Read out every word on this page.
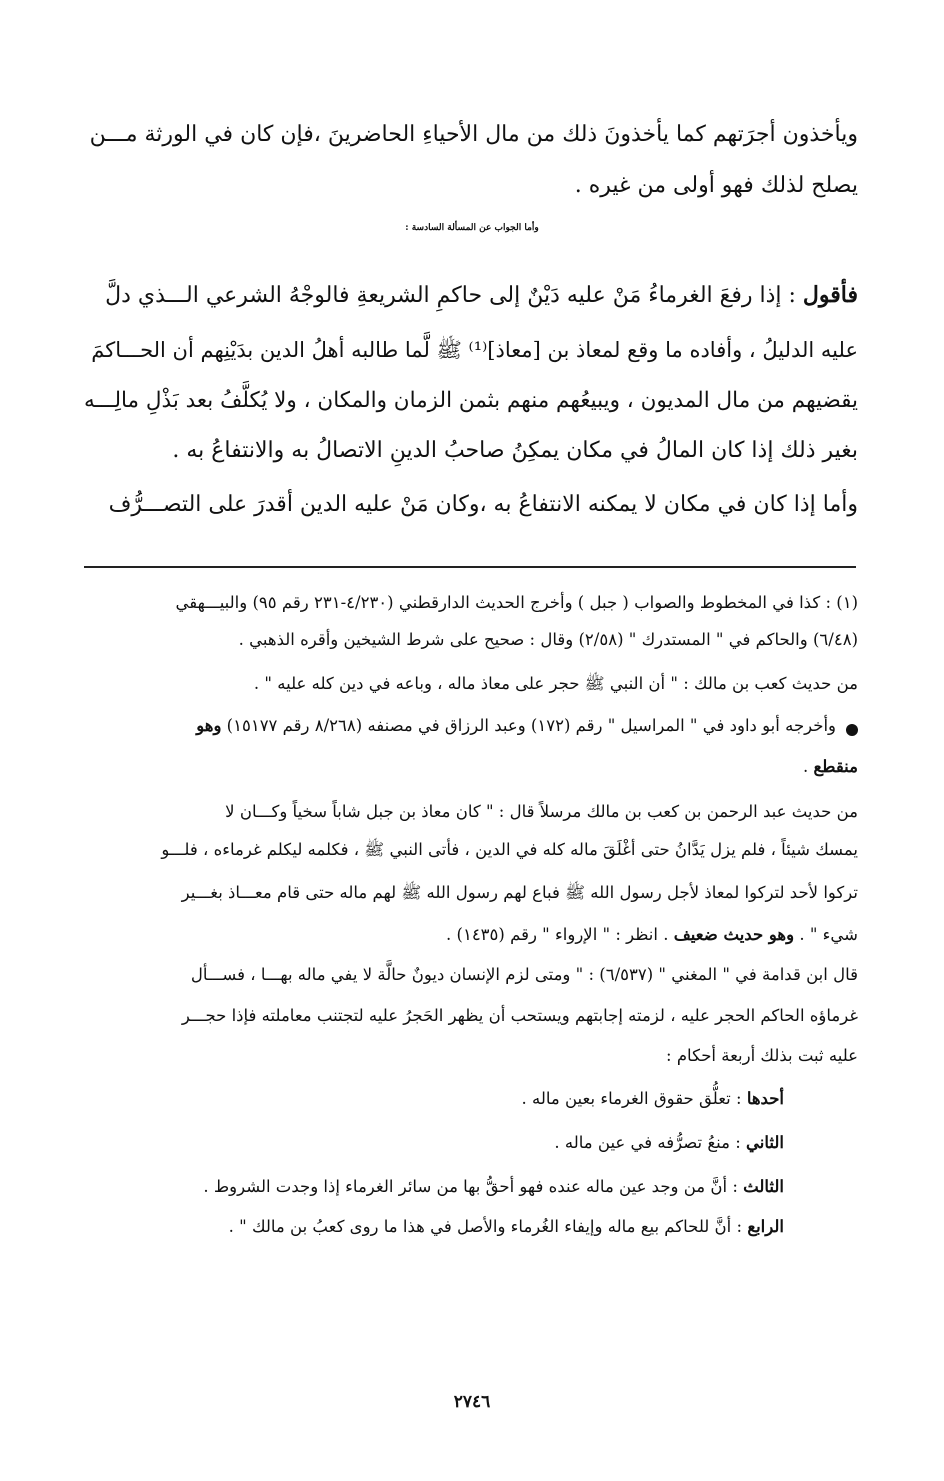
ويأخذون أجرَتهم كما يأخذونَ ذلك من مال الأحياءِ الحاضرينَ ،فإن كان في الورثة مـــن
يصلح لذلك فهو أولى من غيره .
وأما الجواب عن المسألة السادسة :
فأقول : إذا رفعَ الغرماءُ مَنْ عليه دَيْنٌ إلى حاكمِ الشريعةِ فالوجْهُ الشرعي الـــذي دلَّ
عليه الدليلُ ، وأفاده ما وقع لمعاذ بن [معاذ]⁽¹⁾ ﷺ لَّما طالبه أهلُ الدين بدَيْنِهم أن الحـــاكمَ
يقضيهم من مال المديون ، ويبيعُهم منهم بثمن الزمان والمكان ، ولا يُكلَّفُ بعد بَذْلِ مالِـــه
بغير ذلك إذا كان المالُ في مكان يمكِنُ صاحبُ الدينِ الاتصالُ به والانتفاعُ به .
وأما إذا كان في مكان لا يمكنه الانتفاعُ به ،وكان مَنْ عليه الدين أقدرَ على التصـــرُّف
(١) : كذا في المخطوط والصواب ( جبل ) وأخرج الحديث الدارقطني (٤/٢٣٠-٢٣١ رقم ٩٥) والبيـــهقي
(٦/٤٨) والحاكم في " المستدرك " (٢/٥٨) وقال : صحيح على شرط الشيخين وأقره الذهبي .
من حديث كعب بن مالك : " أن النبي ﷺ حجر على معاذ ماله ، وباعه في دين كله عليه " .
وأخرجه أبو داود في " المراسيل " رقم (١٧٢) وعبد الرزاق في مصنفه (٨/٢٦٨ رقم ١٥١٧٧) وهو
منقطع .
من حديث عبد الرحمن بن كعب بن مالك مرسلاً قال : " كان معاذ بن جبل شاباً سخياً وكـــان لا
يمسك شيئاً ، فلم يزل يَدَّانُ حتى أغْلَقَ ماله كله في الدين ، فأتى النبي ﷺ ، فكلمه ليكلم غرماءه ، فلـــو
تركوا لأحد لتركوا لمعاذ لأجل رسول الله ﷺ فباع لهم رسول الله ﷺ لهم ماله حتى قام معـــاذ بغـــير
شيء " . وهو حديث ضعيف . انظر : " الإرواء " رقم (١٤٣٥) .
قال ابن قدامة في " المغني " (٦/٥٣٧) : " ومتى لزم الإنسان ديونٌ حالَّة لا يفي ماله بهـــا ، فســـأل
غرماؤه الحاكم الحجر عليه ، لزمته إجابتهم ويستحب أن يظهر الحَجرُ عليه لتجتنب معاملته فإذا حجـــر
عليه ثبت بذلك أربعة أحكام :
أحدها : تعلُّق حقوق الغرماء بعين ماله .
الثاني : منعُ تصرُّفه في عين ماله .
الثالث : أنَّ من وجد عين ماله عنده فهو أحقُّ بها من سائر الغرماء إذا وجدت الشروط .
الرابع : أنَّ للحاكم بيع ماله وإيفاء الغُرماء والأصل في هذا ما روى كعبُ بن مالك " .
٢٧٤٦
